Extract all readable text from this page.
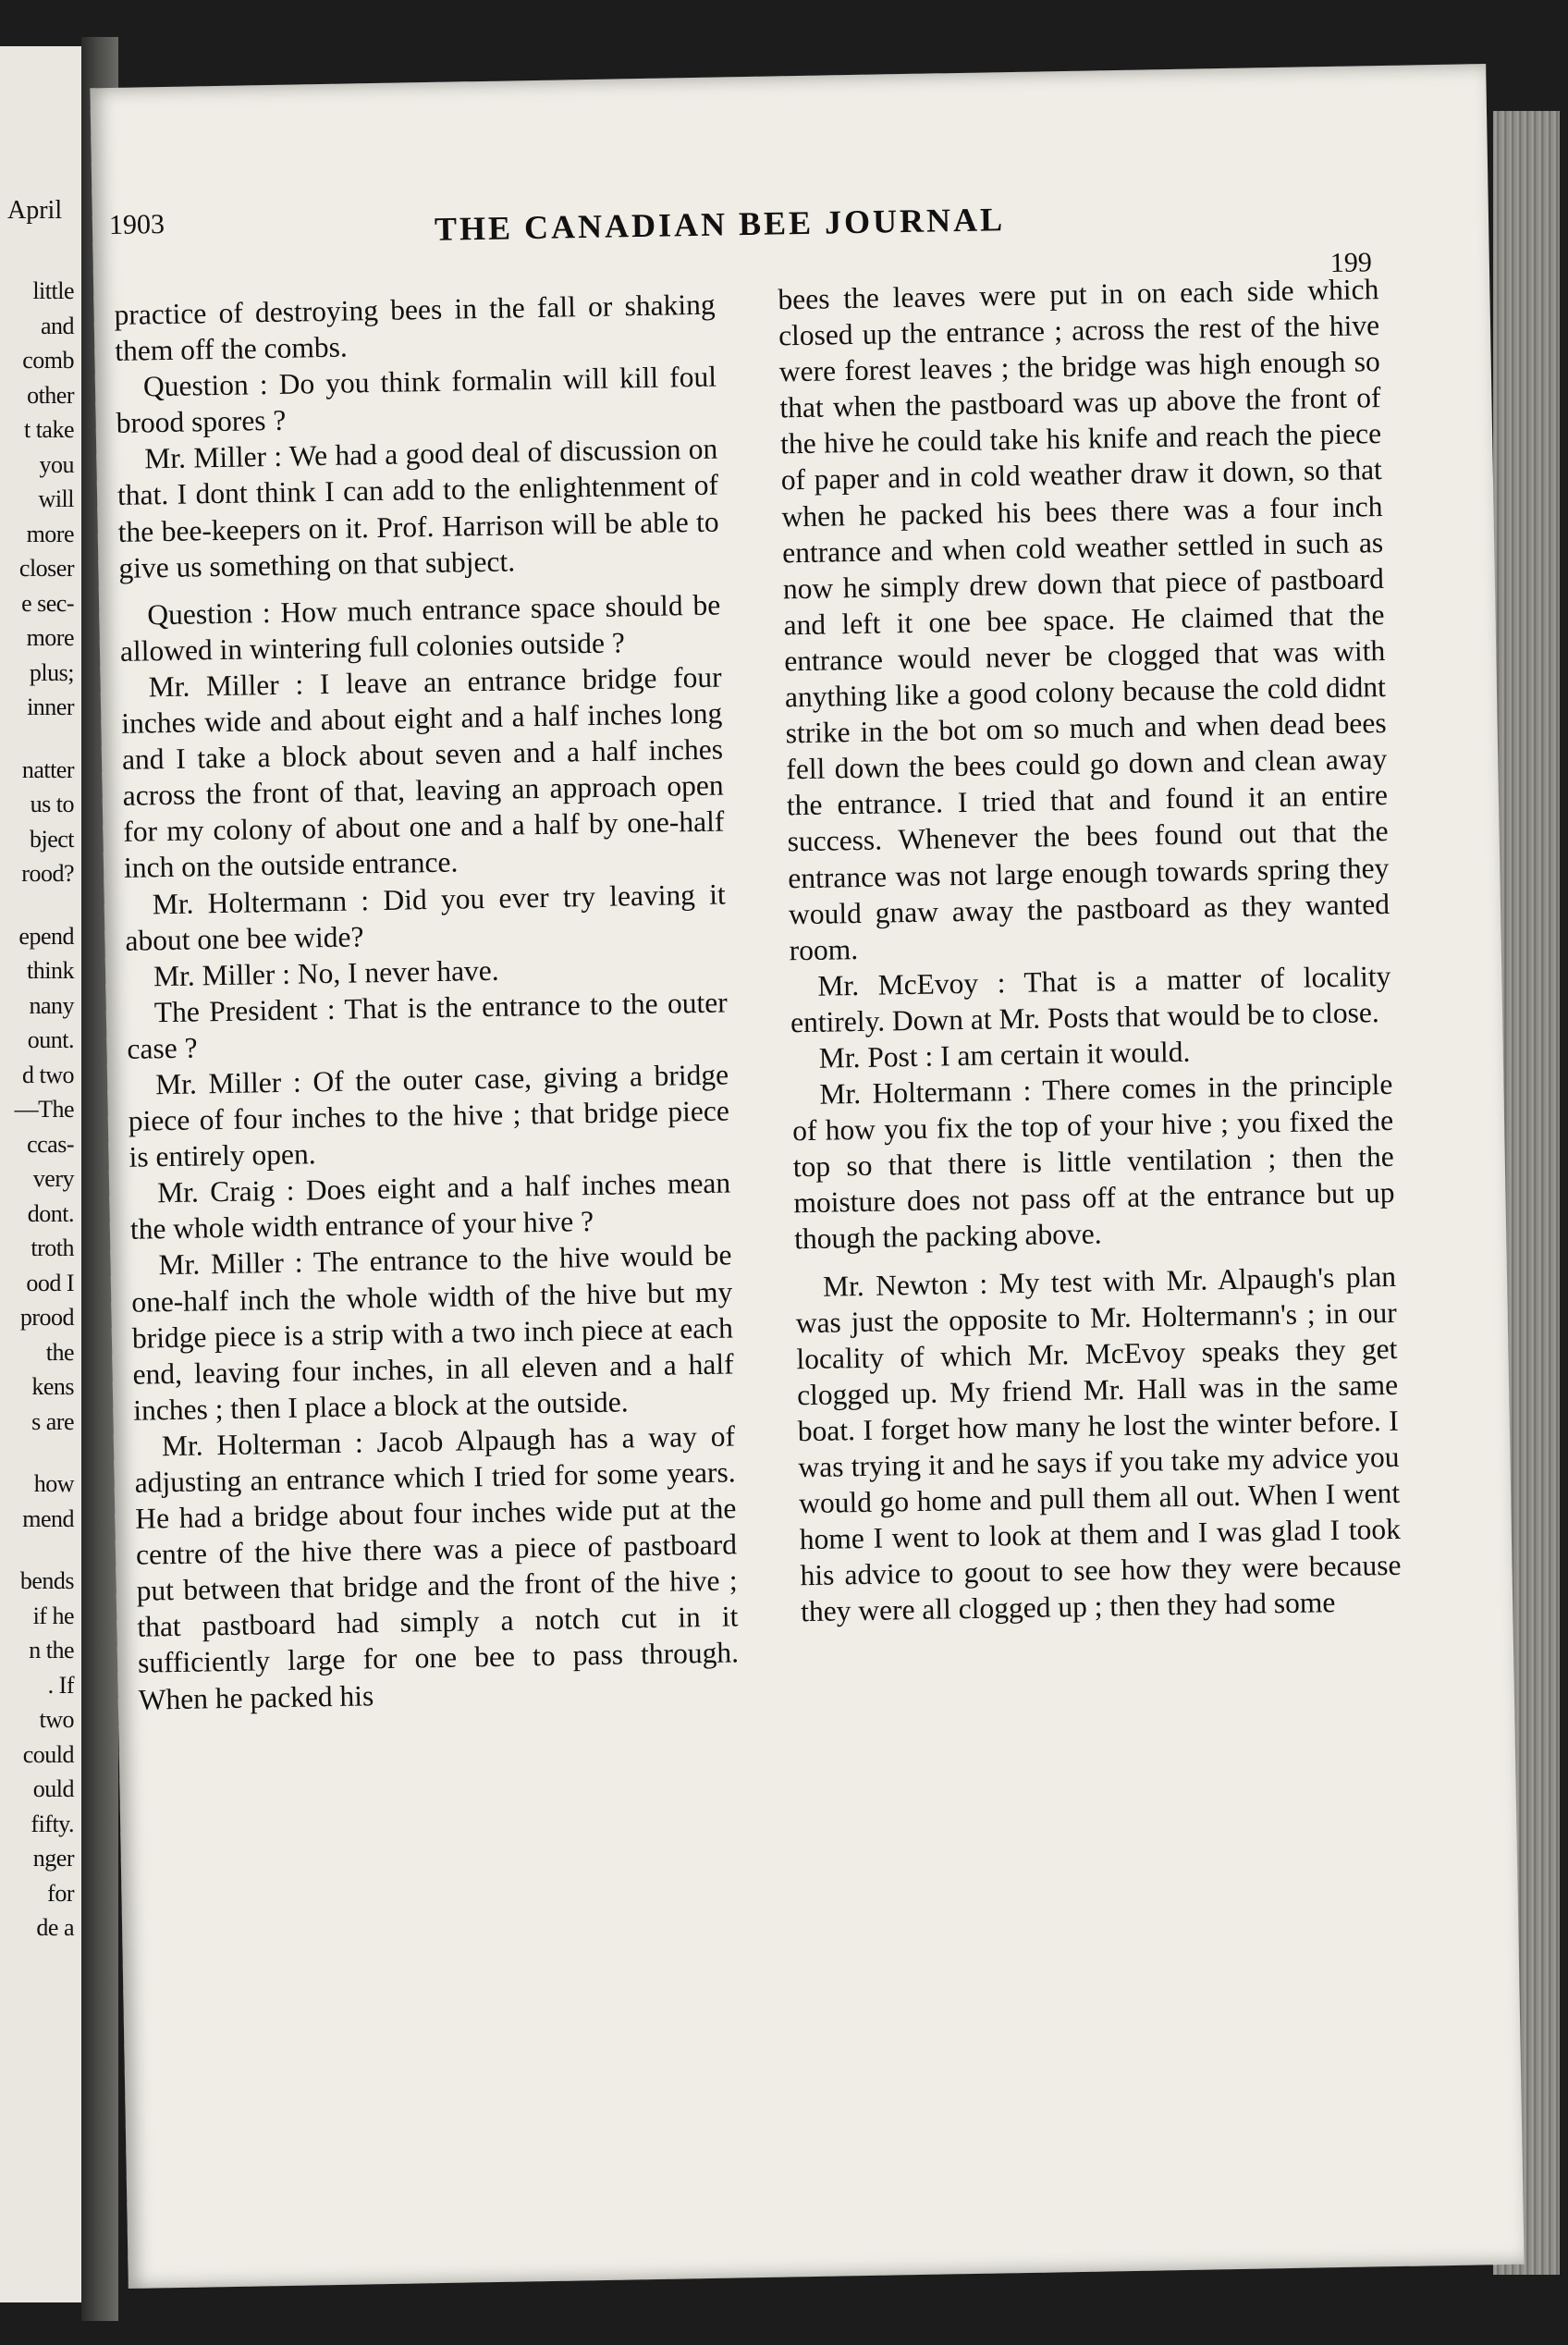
April
little
and
comb
other
t take
you
will
more
closer
e sec-
more
plus;
inner
natter
us to
bject
rood?
epend
think
nany
ount.
d two
—The
ccas-
very
dont.
troth
ood I
prood
the
kens
s are
how
mend
bends
if he
n the
. If
two
could
ould
fifty.
nger
for
de a
1903	THE CANADIAN BEE JOURNAL
199

practice of destroying bees in the fall or shaking them off the combs.

Question : Do you think formalin will kill foul brood spores ?

Mr. Miller : We had a good deal of discussion on that. I dont think I can add to the enlightenment of the bee-keepers on it. Prof. Harrison will be able to give us something on that subject.

Question : How much entrance space should be allowed in wintering full colonies outside ?

Mr. Miller : I leave an entrance bridge four inches wide and about eight and a half inches long and I take a block about seven and a half inches across the front of that, leaving an approach open for my colony of about one and a half by one-half inch on the outside entrance.

Mr. Holtermann : Did you ever try leaving it about one bee wide?

Mr. Miller : No, I never have.

The President : That is the entrance to the outer case ?

Mr. Miller : Of the outer case, giving a bridge piece of four inches to the hive ; that bridge piece is entirely open.

Mr. Craig : Does eight and a half inches mean the whole width entrance of your hive ?

Mr. Miller : The entrance to the hive would be one-half inch the whole width of the hive but my bridge piece is a strip with a two inch piece at each end, leaving four inches, in all eleven and a half inches ; then I place a block at the outside.

Mr. Holterman : Jacob Alpaugh has a way of adjusting an entrance which I tried for some years. He had a bridge about four inches wide put at the centre of the hive there was a piece of pastboard put between that bridge and the front of the hive ; that pastboard had simply a notch cut in it sufficiently large for one bee to pass through. When he packed his

bees the leaves were put in on each side which closed up the entrance ; across the rest of the hive were forest leaves ; the bridge was high enough so that when the pastboard was up above the front of the hive he could take his knife and reach the piece of paper and in cold weather draw it down, so that when he packed his bees there was a four inch entrance and when cold weather settled in such as now he simply drew down that piece of pastboard and left it one bee space. He claimed that the entrance would never be clogged that was with anything like a good colony because the cold didnt strike in the bot om so much and when dead bees fell down the bees could go down and clean away the entrance. I tried that and found it an entire success. Whenever the bees found out that the entrance was not large enough towards spring they would gnaw away the pastboard as they wanted room.

Mr. McEvoy : That is a matter of locality entirely. Down at Mr. Posts that would be to close.

Mr. Post : I am certain it would.

Mr. Holtermann : There comes in the principle of how you fix the top of your hive ; you fixed the top so that there is little ventilation ; then the moisture does not pass off at the entrance but up though the packing above.

Mr. Newton : My test with Mr. Alpaugh's plan was just the opposite to Mr. Holtermann's ; in our locality of which Mr. McEvoy speaks they get clogged up. My friend Mr. Hall was in the same boat. I forget how many he lost the winter before. I was trying it and he says if you take my advice you would go home and pull them all out. When I went home I went to look at them and I was glad I took his advice to goout to see how they were because they were all clogged up ; then they had some
